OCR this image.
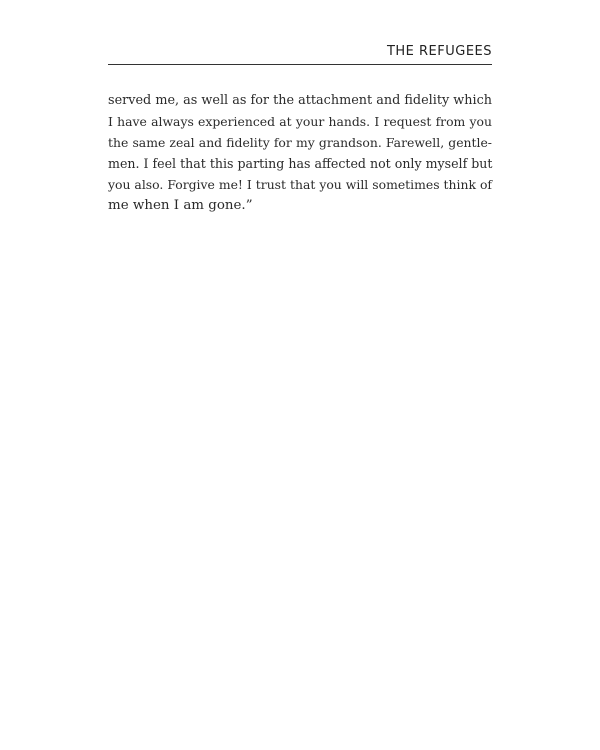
THE REFUGEES
served me, as well as for the attachment and fidelity which
I have always experienced at your hands. I request from you
the same zeal and fidelity for my grandson. Farewell, gentle-
men. I feel that this parting has affected not only myself but
you also. Forgive me! I trust that you will sometimes think of
me when I am gone.”
